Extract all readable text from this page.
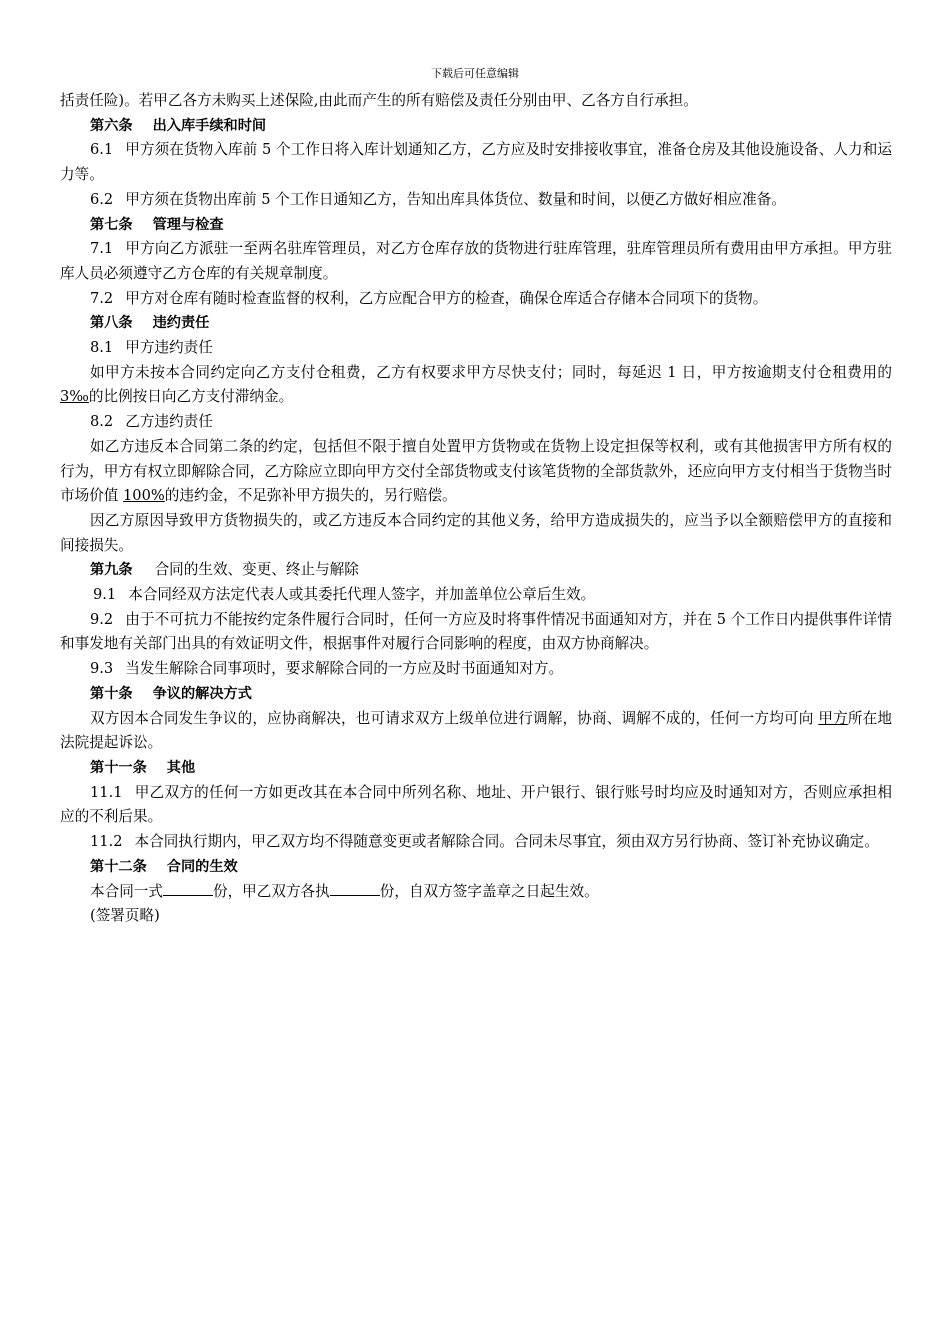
下载后可任意编辑

括责任险)。若甲乙各方未购买上述保险,由此而产生的所有赔偿及责任分别由甲、乙各方自行承担。

第六条 出入库手续和时间

6.1 甲方须在货物入库前 5 个工作日将入库计划通知乙方，乙方应及时安排接收事宜，准备仓房及其他设施设备、人力和运力等。

6.2 甲方须在货物出库前 5 个工作日通知乙方，告知出库具体货位、数量和时间，以便乙方做好相应准备。

第七条 管理与检查

7.1 甲方向乙方派驻一至两名驻库管理员，对乙方仓库存放的货物进行驻库管理，驻库管理员所有费用由甲方承担。甲方驻库人员必须遵守乙方仓库的有关规章制度。

7.2 甲方对仓库有随时检查监督的权利，乙方应配合甲方的检查，确保仓库适合存储本合同项下的货物。

第八条 违约责任

8.1 甲方违约责任

如甲方未按本合同约定向乙方支付仓租费，乙方有权要求甲方尽快支付；同时，每延迟 1 日，甲方按逾期支付仓租费用的 3‰的比例按日向乙方支付滞纳金。

8.2 乙方违约责任

如乙方违反本合同第二条的约定，包括但不限于擅自处置甲方货物或在货物上设定担保等权利，或有其他损害甲方所有权的行为，甲方有权立即解除合同，乙方除应立即向甲方交付全部货物或支付该笔货物的全部货款外，还应向甲方支付相当于货物当时市场价值 100%的违约金，不足弥补甲方损失的，另行赔偿。

因乙方原因导致甲方货物损失的，或乙方违反本合同约定的其他义务，给甲方造成损失的，应当予以全额赔偿甲方的直接和间接损失。

第九条 合同的生效、变更、终止与解除

9.1 本合同经双方法定代表人或其委托代理人签字，并加盖单位公章后生效。

9.2 由于不可抗力不能按约定条件履行合同时，任何一方应及时将事件情况书面通知对方，并在 5 个工作日内提供事件详情和事发地有关部门出具的有效证明文件，根据事件对履行合同影响的程度，由双方协商解决。

9.3 当发生解除合同事项时，要求解除合同的一方应及时书面通知对方。

第十条 争议的解决方式

双方因本合同发生争议的，应协商解决，也可请求双方上级单位进行调解，协商、调解不成的，任何一方均可向 甲方所在地法院提起诉讼。

第十一条 其他

11.1 甲乙双方的任何一方如更改其在本合同中所列名称、地址、开户银行、银行账号时均应及时通知对方，否则应承担相应的不利后果。

11.2 本合同执行期内，甲乙双方均不得随意变更或者解除合同。合同未尽事宜，须由双方另行协商、签订补充协议确定。

第十二条 合同的生效

本合同一式	份，甲乙双方各执	份，自双方签字盖章之日起生效。

(签署页略)
